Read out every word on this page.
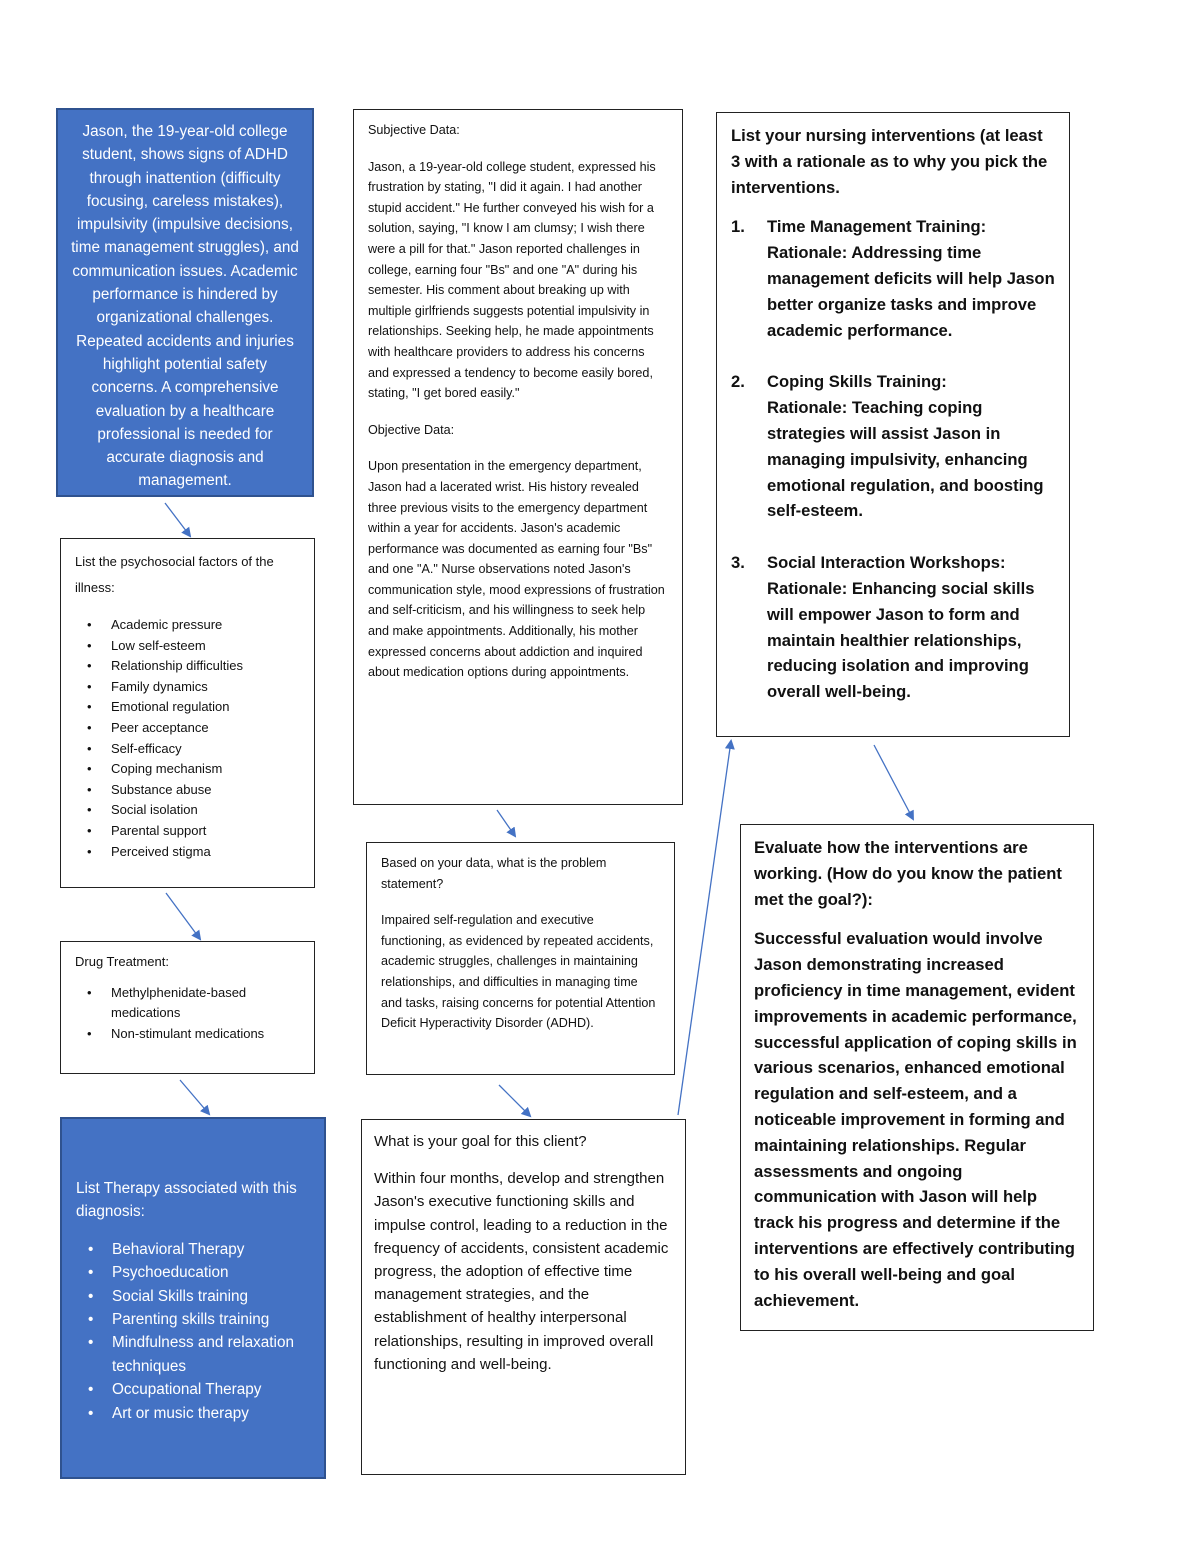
Jason, the 19-year-old college student, shows signs of ADHD through inattention (difficulty focusing, careless mistakes), impulsivity (impulsive decisions, time management struggles), and communication issues. Academic performance is hindered by organizational challenges. Repeated accidents and injuries highlight potential safety concerns. A comprehensive evaluation by a healthcare professional is needed for accurate diagnosis and management.

List the psychosocial factors of the illness:

• Academic pressure
• Low self-esteem
• Relationship difficulties
• Family dynamics
• Emotional regulation
• Peer acceptance
• Self-efficacy
• Coping mechanism
• Substance abuse
• Social isolation
• Parental support
• Perceived stigma

Drug Treatment:

• Methylphenidate-based medications
• Non-stimulant medications

List Therapy associated with this diagnosis:

• Behavioral Therapy
• Psychoeducation
• Social Skills training
• Parenting skills training
• Mindfulness and relaxation techniques
• Occupational Therapy
• Art or music therapy

Subjective Data:

Jason, a 19-year-old college student, expressed his frustration by stating, "I did it again. I had another stupid accident." He further conveyed his wish for a solution, saying, "I know I am clumsy; I wish there were a pill for that." Jason reported challenges in college, earning four "Bs" and one "A" during his semester. His comment about breaking up with multiple girlfriends suggests potential impulsivity in relationships. Seeking help, he made appointments with healthcare providers to address his concerns and expressed a tendency to become easily bored, stating, "I get bored easily."

Objective Data:

Upon presentation in the emergency department, Jason had a lacerated wrist. His history revealed three previous visits to the emergency department within a year for accidents. Jason's academic performance was documented as earning four "Bs" and one "A." Nurse observations noted Jason's communication style, mood expressions of frustration and self-criticism, and his willingness to seek help and make appointments. Additionally, his mother expressed concerns about addiction and inquired about medication options during appointments.

Based on your data, what is the problem statement?

Impaired self-regulation and executive functioning, as evidenced by repeated accidents, academic struggles, challenges in maintaining relationships, and difficulties in managing time and tasks, raising concerns for potential Attention Deficit Hyperactivity Disorder (ADHD).

What is your goal for this client?

Within four months, develop and strengthen Jason's executive functioning skills and impulse control, leading to a reduction in the frequency of accidents, consistent academic progress, the adoption of effective time management strategies, and the establishment of healthy interpersonal relationships, resulting in improved overall functioning and well-being.

List your nursing interventions (at least 3 with a rationale as to why you pick the interventions.

1. Time Management Training:
Rationale: Addressing time management deficits will help Jason better organize tasks and improve academic performance.
2. Coping Skills Training:
Rationale: Teaching coping strategies will assist Jason in managing impulsivity, enhancing emotional regulation, and boosting self-esteem.
3. Social Interaction Workshops:
Rationale: Enhancing social skills will empower Jason to form and maintain healthier relationships, reducing isolation and improving overall well-being.

Evaluate how the interventions are working. (How do you know the patient met the goal?):

Successful evaluation would involve Jason demonstrating increased proficiency in time management, evident improvements in academic performance, successful application of coping skills in various scenarios, enhanced emotional regulation and self-esteem, and a noticeable improvement in forming and maintaining relationships. Regular assessments and ongoing communication with Jason will help track his progress and determine if the interventions are effectively contributing to his overall well-being and goal achievement.
